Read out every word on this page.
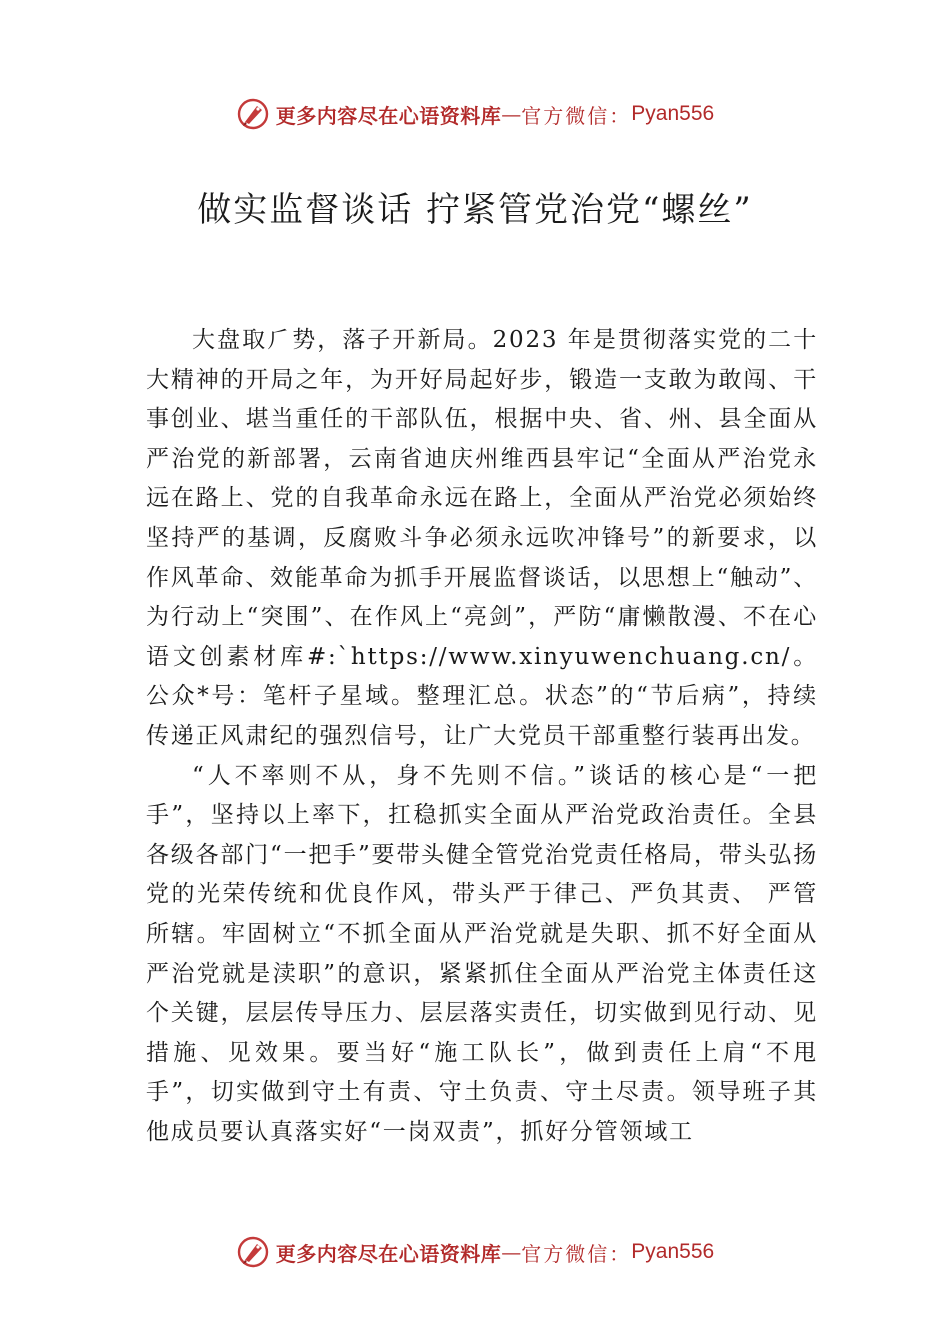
更多内容尽在心语资料库 — 官方微信： Pyan556
做实监督谈话 拧紧管党治党“螺丝”

大盘取⺁势，落子开新局。2023 年是贯彻落实党的二十大精神的开局之年，为开好局起好步，锻造一支敢为敢闯、干事创业、堪当重任的干部队伍，根据中央、省、州、县全面从严治党的新部署，云南省迪庆州维西县牢记“全面从严治党永远在路上、党的自我革命永远在路上，全面从严治党必须始终坚持严的基调，反腐败斗争必须永远吹冲锋号”的新要求，以作风革命、效能革命为抓手开展监督谈话，以思想上“触动”、为行动上“突围”、在作风上“亮剑”，严防“庸懒散漫、不在心语文创素材库#:`https://www.xinyuwenchuang.cn/。公众*号：笔杆子星域。整理汇总。状态”的“节后病”，持续传递正风肃纪的强烈信号，让广大党员干部重整行装再出发。

“人不率则不从，身不先则不信。”谈话的核心是“一把手”，坚持以上率下，扛稳抓实全面从严治党政治责任。全县各级各部门“一把手”要带头健全管党治党责任格局，带头弘扬党的光荣传统和优良作风，带头严于律己、严负其责、 严管所辖。牢固树立“不抓全面从严治党就是失职、抓不好全面从严治党就是渎职”的意识，紧紧抓住全面从严治党主体责任这个关键，层层传导压力、层层落实责任，切实做到见行动、见措施、见效果。要当好“施工队长”，做到责任上肩“不甩手”，切实做到守土有责、守土负责、守土尽责。领导班子其他成员要认真落实好“一岗双责”，抓好分管领域工

更多内容尽在心语资料库 — 官方微信： Pyan556
